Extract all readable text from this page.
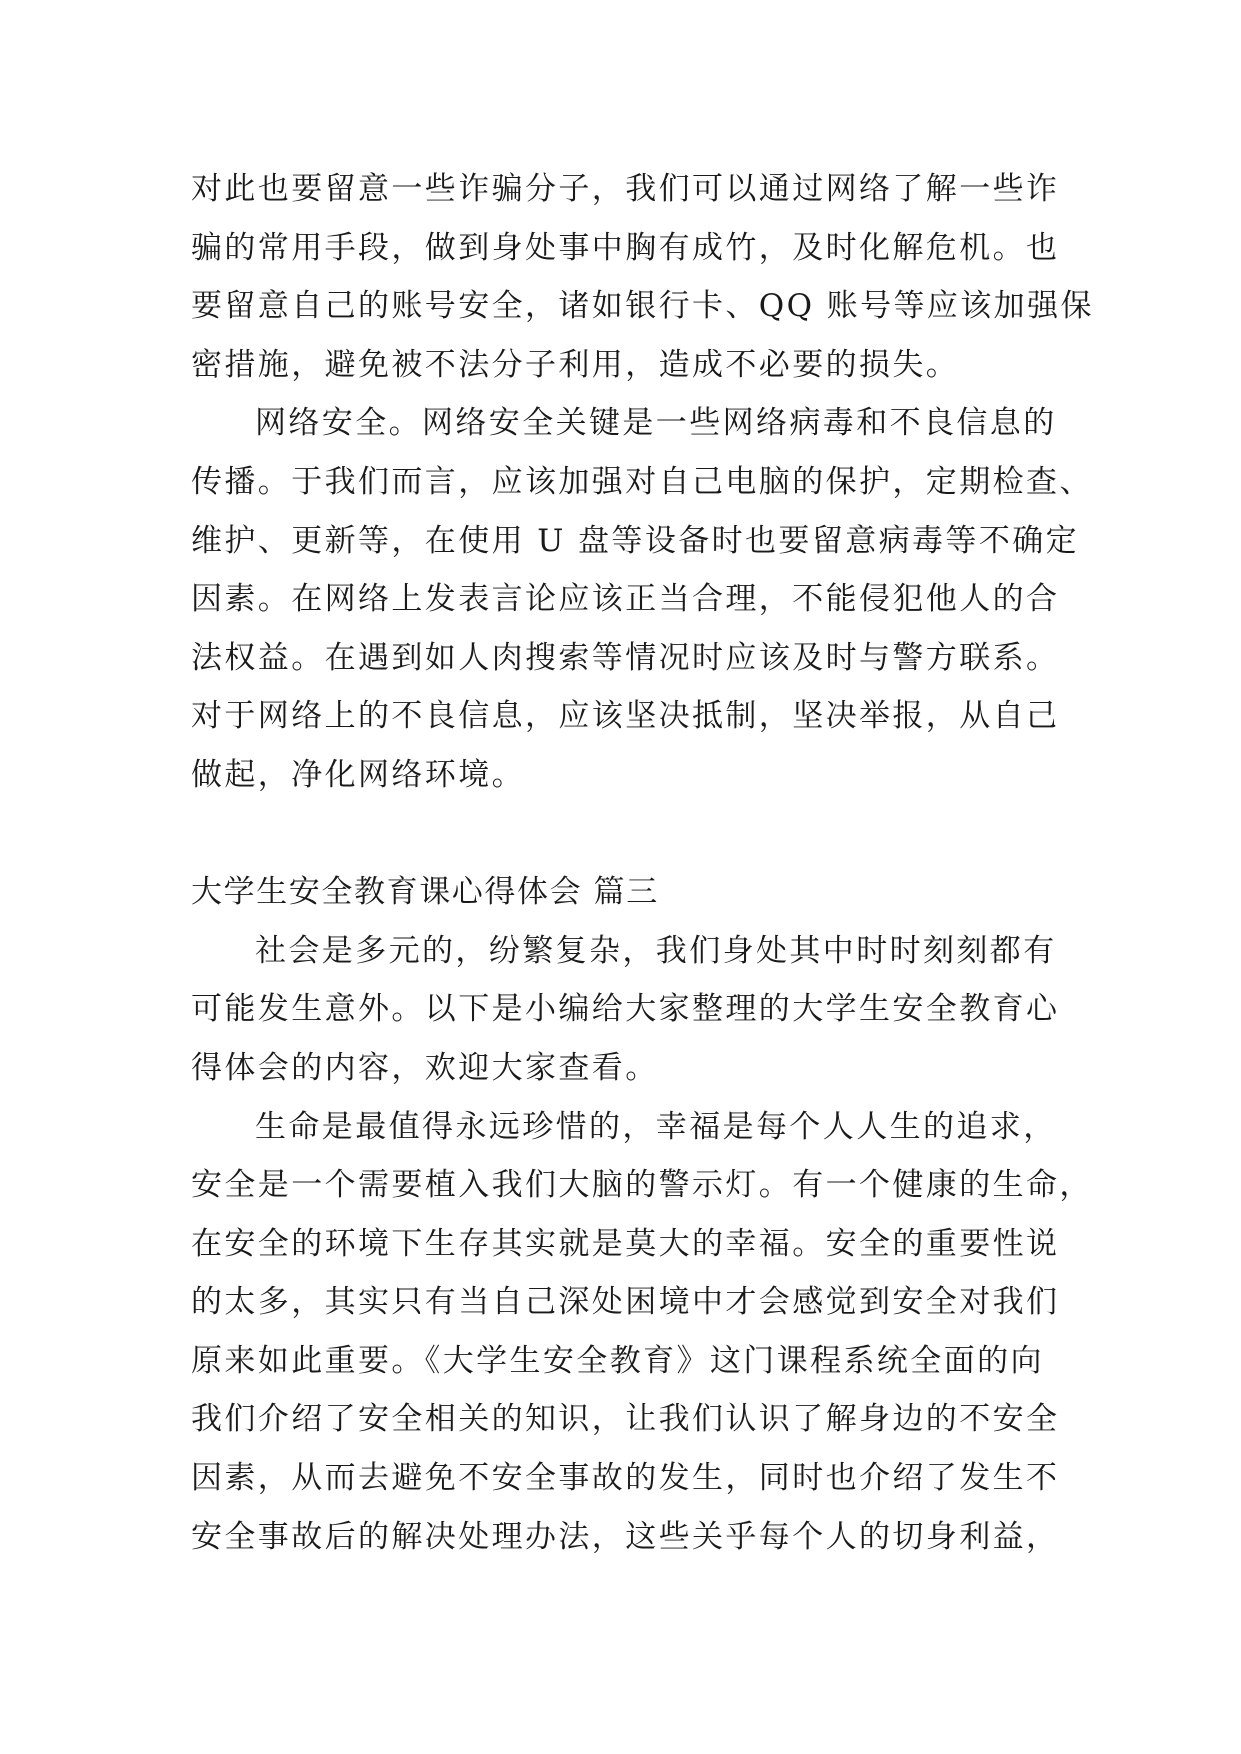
对此也要留意一些诈骗分子，我们可以通过网络了解一些诈
骗的常用手段，做到身处事中胸有成竹，及时化解危机。也
要留意自己的账号安全，诸如银行卡、QQ 账号等应该加强保
密措施，避免被不法分子利用，造成不必要的损失。
网络安全。网络安全关键是一些网络病毒和不良信息的
传播。于我们而言，应该加强对自己电脑的保护，定期检查、
维护、更新等，在使用 U 盘等设备时也要留意病毒等不确定
因素。在网络上发表言论应该正当合理，不能侵犯他人的合
法权益。在遇到如人肉搜索等情况时应该及时与警方联系。
对于网络上的不良信息，应该坚决抵制，坚决举报，从自己
做起，净化网络环境。
大学生安全教育课心得体会 篇三
社会是多元的，纷繁复杂，我们身处其中时时刻刻都有
可能发生意外。以下是小编给大家整理的大学生安全教育心
得体会的内容，欢迎大家查看。
生命是最值得永远珍惜的，幸福是每个人人生的追求，
安全是一个需要植入我们大脑的警示灯。有一个健康的生命，
在安全的环境下生存其实就是莫大的幸福。安全的重要性说
的太多，其实只有当自己深处困境中才会感觉到安全对我们
原来如此重要。《大学生安全教育》这门课程系统全面的向
我们介绍了安全相关的知识，让我们认识了解身边的不安全
因素，从而去避免不安全事故的发生，同时也介绍了发生不
安全事故后的解决处理办法，这些关乎每个人的切身利益，
